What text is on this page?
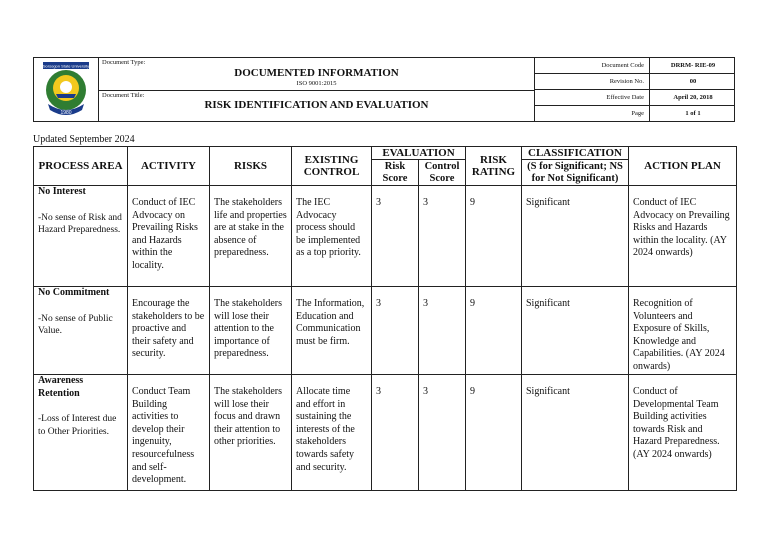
Sorsogon State University
1980
Document Type:
DOCUMENTED INFORMATION
ISO 9001:2015
Document Title:
RISK IDENTIFICATION AND EVALUATION
Document Code	DRRM- RIE-09
Revision No.	00
Effective Date	April 20, 2018
Page	1 of 1
Updated September 2024
PROCESS AREA	ACTIVITY	RISKS	EXISTING CONTROL	EVALUATION		RISK RATING	CLASSIFICATION	ACTION PLAN
				Risk Score	Control Score		(S for Significant; NS for Not Significant)	

No Interest
-No sense of Risk and Hazard Preparedness.	Conduct of IEC Advocacy on Prevailing Risks and Hazards within the locality.	The stakeholders life and properties are at stake in the absence of preparedness.	The IEC Advocacy process should be implemented as a top priority.	3	3	9	Significant	Conduct of IEC Advocacy on Prevailing Risks and Hazards within the locality. (AY 2024 onwards)

No Commitment
-No sense of Public Value.	Encourage the stakeholders to be proactive and their safety and security.	The stakeholders will lose their attention to the importance of preparedness.	The Information, Education and Communication must be firm.	3	3	9	Significant	Recognition of Volunteers and Exposure of Skills, Knowledge and Capabilities. (AY 2024 onwards)

Awareness Retention
-Loss of Interest due to Other Priorities.	Conduct Team Building activities to develop their ingenuity, resourcefulness and self-development.	The stakeholders will lose their focus and drawn their attention to other priorities.	Allocate time and effort in sustaining the interests of the stakeholders towards safety and security.	3	3	9	Significant	Conduct of Developmental Team Building activities towards Risk and Hazard Preparedness. (AY 2024 onwards)
